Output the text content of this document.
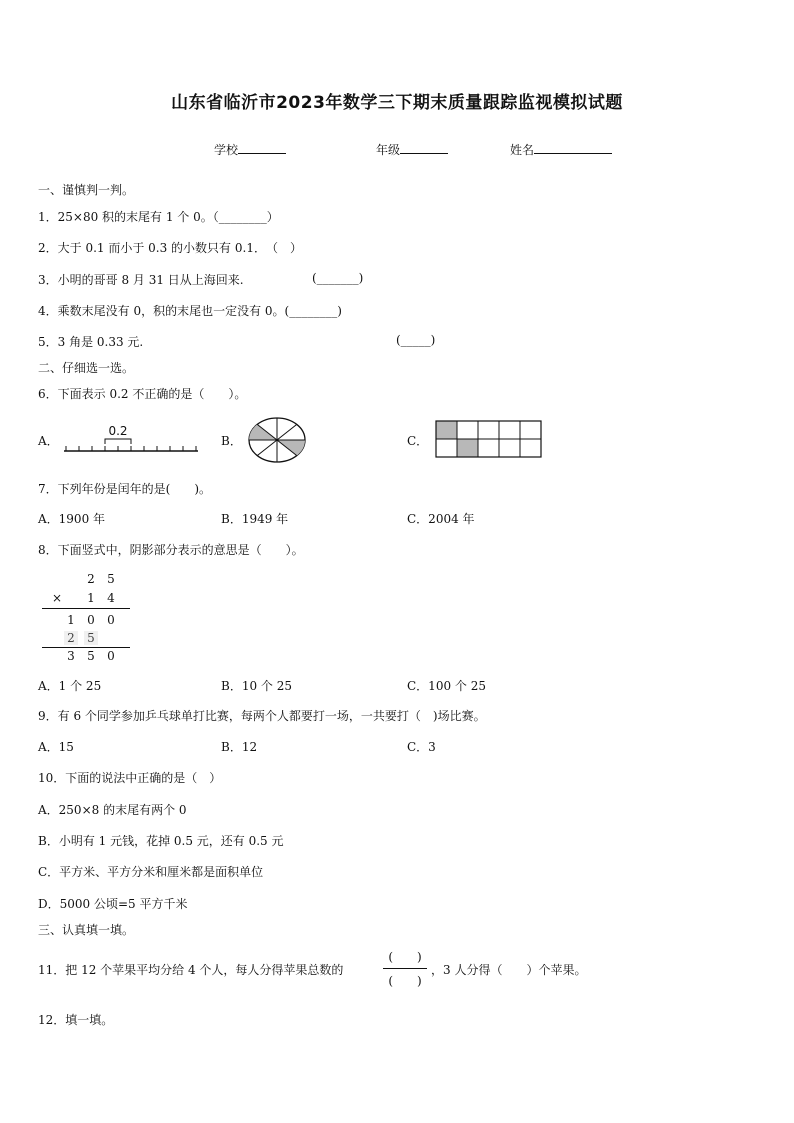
山东省临沂市2023年数学三下期末质量跟踪监视模拟试题
学校	年级	姓名
一、谨慎判一判。
1．25×80 积的末尾有 1 个 0。（________）
2．大于 0.1 而小于 0.3 的小数只有 0.1．　（　）
3．小明的哥哥 8 月 31 日从上海回来.	(_______)
4．乘数末尾没有 0，积的末尾也一定没有 0。(________)
5．3 角是 0.33 元.	(_____)
二、仔细选一选。
6．下面表示 0.2 不正确的是（　　）。
A．
0.2
B．	C．
7．下列年份是闰年的是(　　)。
A．1900 年	B．1949 年	C．2004 年
8．下面竖式中，阴影部分表示的意思是（　　）。
2 5
× 1 4
1 0 0
2 5
3 5 0
A．1 个 25	B．10 个 25	C．100 个 25
9．有 6 个同学参加乒乓球单打比赛，每两个人都要打一场，一共要打（　)场比赛。
A．15	B．12	C．3
10．下面的说法中正确的是（　）
A．250×8 的末尾有两个 0
B．小明有 1 元钱，花掉 0.5 元，还有 0.5 元
C．平方米、平方分米和厘米都是面积单位
D．5000 公顷=5 平方千米
三、认真填一填。
11．把 12 个苹果平均分给 4 个人，每人分得苹果总数的
(　　)
(　　)
，3 人分得（　　）个苹果。
12．填一填。
